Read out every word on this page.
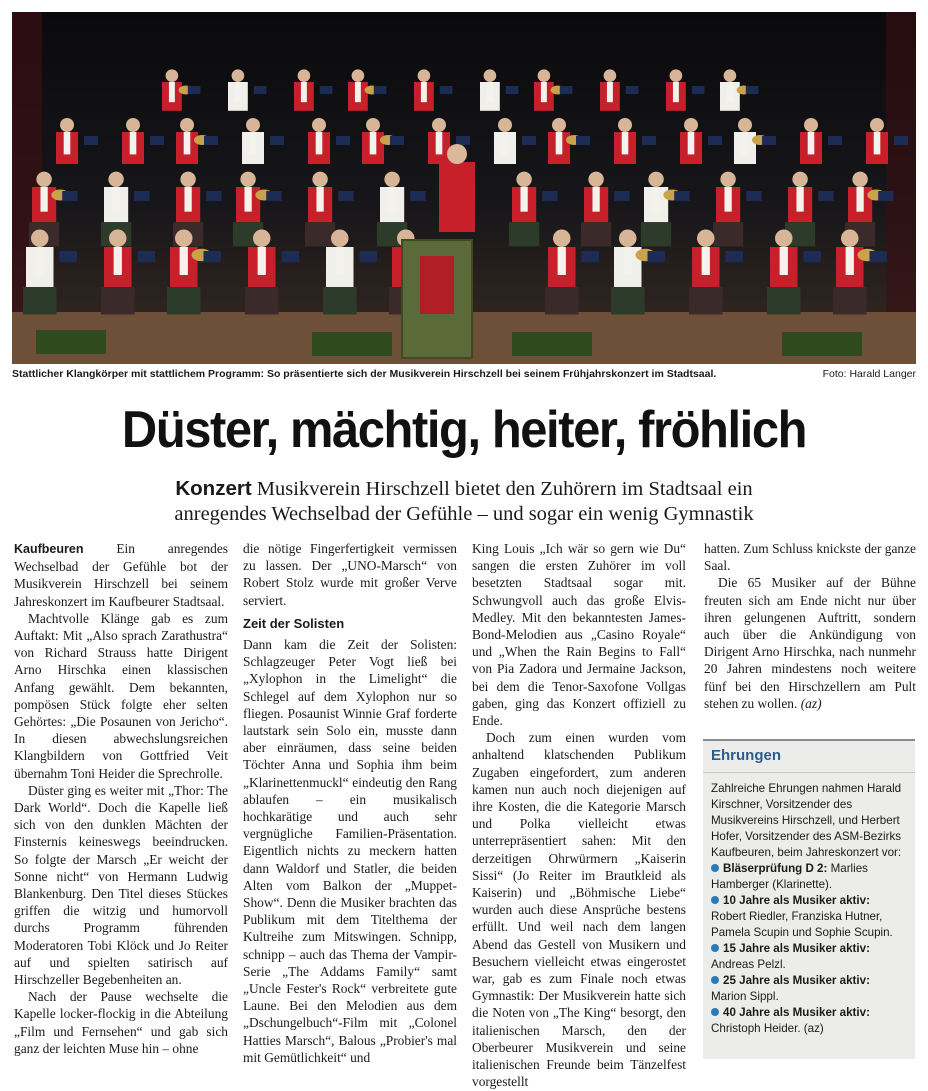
Stattlicher Klangkörper mit stattlichem Programm: So präsentierte sich der Musikverein Hirschzell bei seinem Frühjahrskonzert im Stadtsaal.	Foto: Harald Langer
Düster, mächtig, heiter, fröhlich
Konzert Musikverein Hirschzell bietet den Zuhörern im Stadtsaal ein
anregendes Wechselbad der Gefühle – und sogar ein wenig Gymnastik

Kaufbeuren Ein anregendes Wechselbad der Gefühle bot der Musikverein Hirschzell bei seinem Jahreskonzert im Kaufbeurer Stadtsaal.

Machtvolle Klänge gab es zum Auftakt: Mit „Also sprach Zarathustra“ von Richard Strauss hatte Dirigent Arno Hirschka einen klassischen Anfang gewählt. Dem bekannten, pompösen Stück folgte eher selten Gehörtes: „Die Posaunen von Jericho“. In diesen abwechslungsreichen Klangbildern von Gottfried Veit übernahm Toni Heider die Sprechrolle.

Düster ging es weiter mit „Thor: The Dark World“. Doch die Kapelle ließ sich von den dunklen Mächten der Finsternis keineswegs beeindrucken. So folgte der Marsch „Er weicht der Sonne nicht“ von Hermann Ludwig Blankenburg. Den Titel dieses Stückes griffen die witzig und humorvoll durchs Programm führenden Moderatoren Tobi Klöck und Jo Reiter auf und spielten satirisch auf Hirschzeller Begebenheiten an.

Nach der Pause wechselte die Kapelle locker-flockig in die Abteilung „Film und Fernsehen“ und gab sich ganz der leichten Muse hin – ohne

die nötige Fingerfertigkeit vermissen zu lassen. Der „UNO-Marsch“ von Robert Stolz wurde mit großer Verve serviert.

Zeit der Solisten

Dann kam die Zeit der Solisten: Schlagzeuger Peter Vogt ließ bei „Xylophon in the Limelight“ die Schlegel auf dem Xylophon nur so fliegen. Posaunist Winnie Graf forderte lautstark sein Solo ein, musste dann aber einräumen, dass seine beiden Töchter Anna und Sophia ihm beim „Klarinettenmuckl“ eindeutig den Rang ablaufen – ein musikalisch hochkarätige und auch sehr vergnügliche Familien-Präsentation. Eigentlich nichts zu meckern hatten dann Waldorf und Statler, die beiden Alten vom Balkon der „Muppet-Show“. Denn die Musiker brachten das Publikum mit dem Titelthema der Kultreihe zum Mitswingen. Schnipp, schnipp – auch das Thema der Vampir-Serie „The Addams Family“ samt „Uncle Fester's Rock“ verbreitete gute Laune. Bei den Melodien aus dem „Dschungelbuch“-Film mit „Colonel Hatties Marsch“, Balous „Probier's mal mit Gemütlichkeit“ und

King Louis „Ich wär so gern wie Du“ sangen die ersten Zuhörer im voll besetzten Stadtsaal sogar mit. Schwungvoll auch das große Elvis-Medley. Mit den bekanntesten James-Bond-Melodien aus „Casino Royale“ und „When the Rain Begins to Fall“ von Pia Zadora und Jermaine Jackson, bei dem die Tenor-Saxofone Vollgas gaben, ging das Konzert offiziell zu Ende.

Doch zum einen wurden vom anhaltend klatschenden Publikum Zugaben eingefordert, zum anderen kamen nun auch noch diejenigen auf ihre Kosten, die die Kategorie Marsch und Polka vielleicht etwas unterrepräsentiert sahen: Mit den derzeitigen Ohrwürmern „Kaiserin Sissi“ (Jo Reiter im Brautkleid als Kaiserin) und „Böhmische Liebe“ wurden auch diese Ansprüche bestens erfüllt. Und weil nach dem langen Abend das Gestell von Musikern und Besuchern vielleicht etwas eingerostet war, gab es zum Finale noch etwas Gymnastik: Der Musikverein hatte sich die Noten von „The King“ besorgt, den italienischen Marsch, den der Oberbeurer Musikverein und seine italienischen Freunde beim Tänzelfest vorgestellt

hatten. Zum Schluss knickste der ganze Saal.

Die 65 Musiker auf der Bühne freuten sich am Ende nicht nur über ihren gelungenen Auftritt, sondern auch über die Ankündigung von Dirigent Arno Hirschka, nach nunmehr 20 Jahren mindestens noch weitere fünf bei den Hirschzellern am Pult stehen zu wollen. (az)

Ehrungen
Zahlreiche Ehrungen nahmen Harald Kirschner, Vorsitzender des Musikvereins Hirschzell, und Herbert Hofer, Vorsitzender des ASM-Bezirks Kaufbeuren, beim Jahreskonzert vor:
Bläserprüfung D 2: Marlies Hamberger (Klarinette).
10 Jahre als Musiker aktiv: Robert Riedler, Franziska Hutner, Pamela Scupin und Sophie Scupin.
15 Jahre als Musiker aktiv: Andreas Pelzl.
25 Jahre als Musiker aktiv: Marion Sippl.
40 Jahre als Musiker aktiv: Christoph Heider. (az)
